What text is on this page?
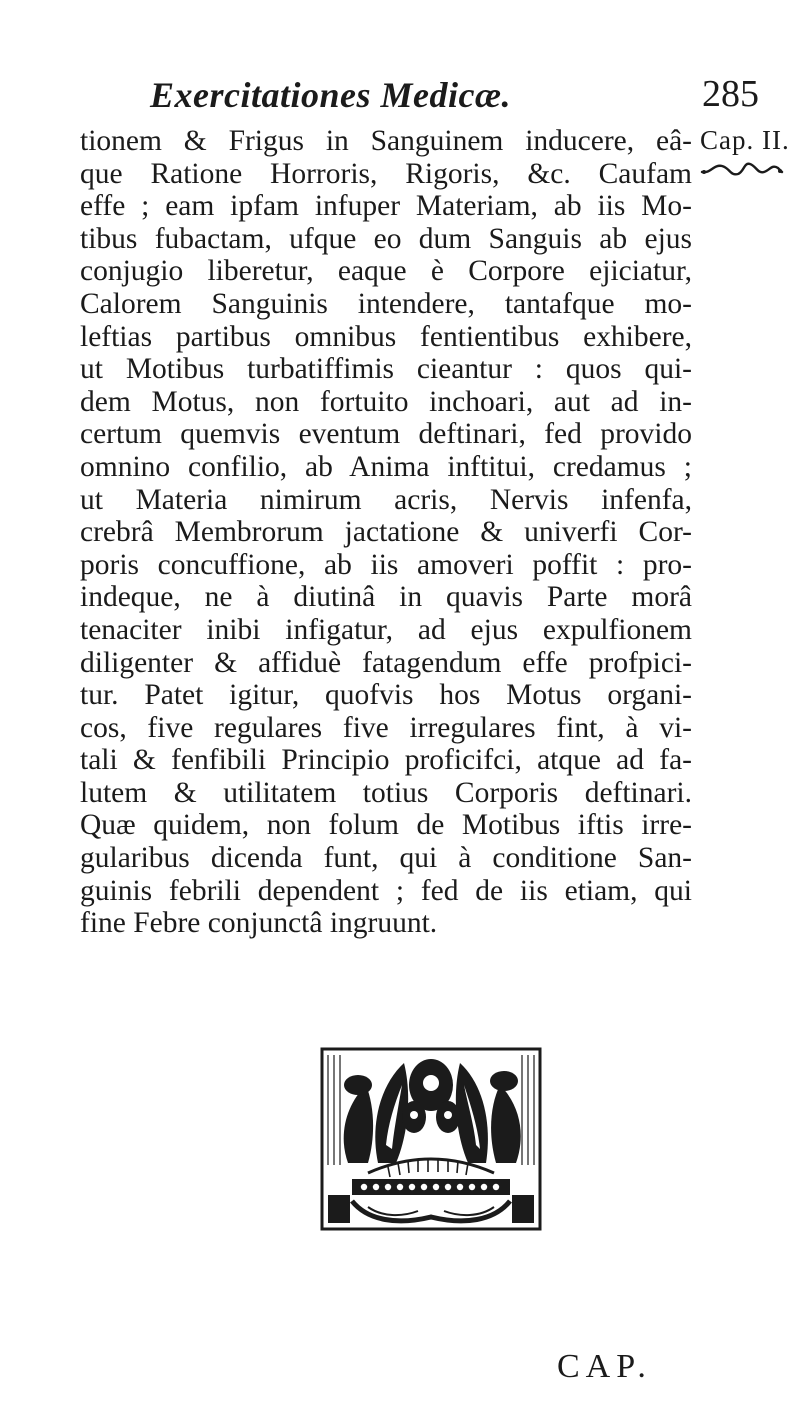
Exercitationes Medicæ.	285
Cap. II.
tionem & Frigus in Sanguinem inducere, eâ-
que Ratione Horroris, Rigoris, &c. Caufam
effe ; eam ipfam infuper Materiam, ab iis Mo-
tibus fubactam, ufque eo dum Sanguis ab ejus
conjugio liberetur, eaque è Corpore ejiciatur,
Calorem Sanguinis intendere, tantafque mo-
leftias partibus omnibus fentientibus exhibere,
ut Motibus turbatiffimis cieantur : quos qui-
dem Motus, non fortuito inchoari, aut ad in-
certum quemvis eventum deftinari, fed provido
omnino confilio, ab Anima inftitui, credamus ;
ut Materia nimirum acris, Nervis infenfa,
crebrâ Membrorum jactatione & univerfi Cor-
poris concuffione, ab iis amoveri poffit : pro-
indeque, ne à diutinâ in quavis Parte morâ
tenaciter inibi infigatur, ad ejus expulfionem
diligenter & affiduè fatagendum effe profpici-
tur. Patet igitur, quofvis hos Motus organi-
cos, five regulares five irregulares fint, à vi-
tali & fenfibili Principio proficifci, atque ad fa-
lutem & utilitatem totius Corporis deftinari.
Quæ quidem, non folum de Motibus iftis irre-
gularibus dicenda funt, qui à conditione San-
guinis febrili dependent ; fed de iis etiam, qui
fine Febre conjunctâ ingruunt.
CAP.
